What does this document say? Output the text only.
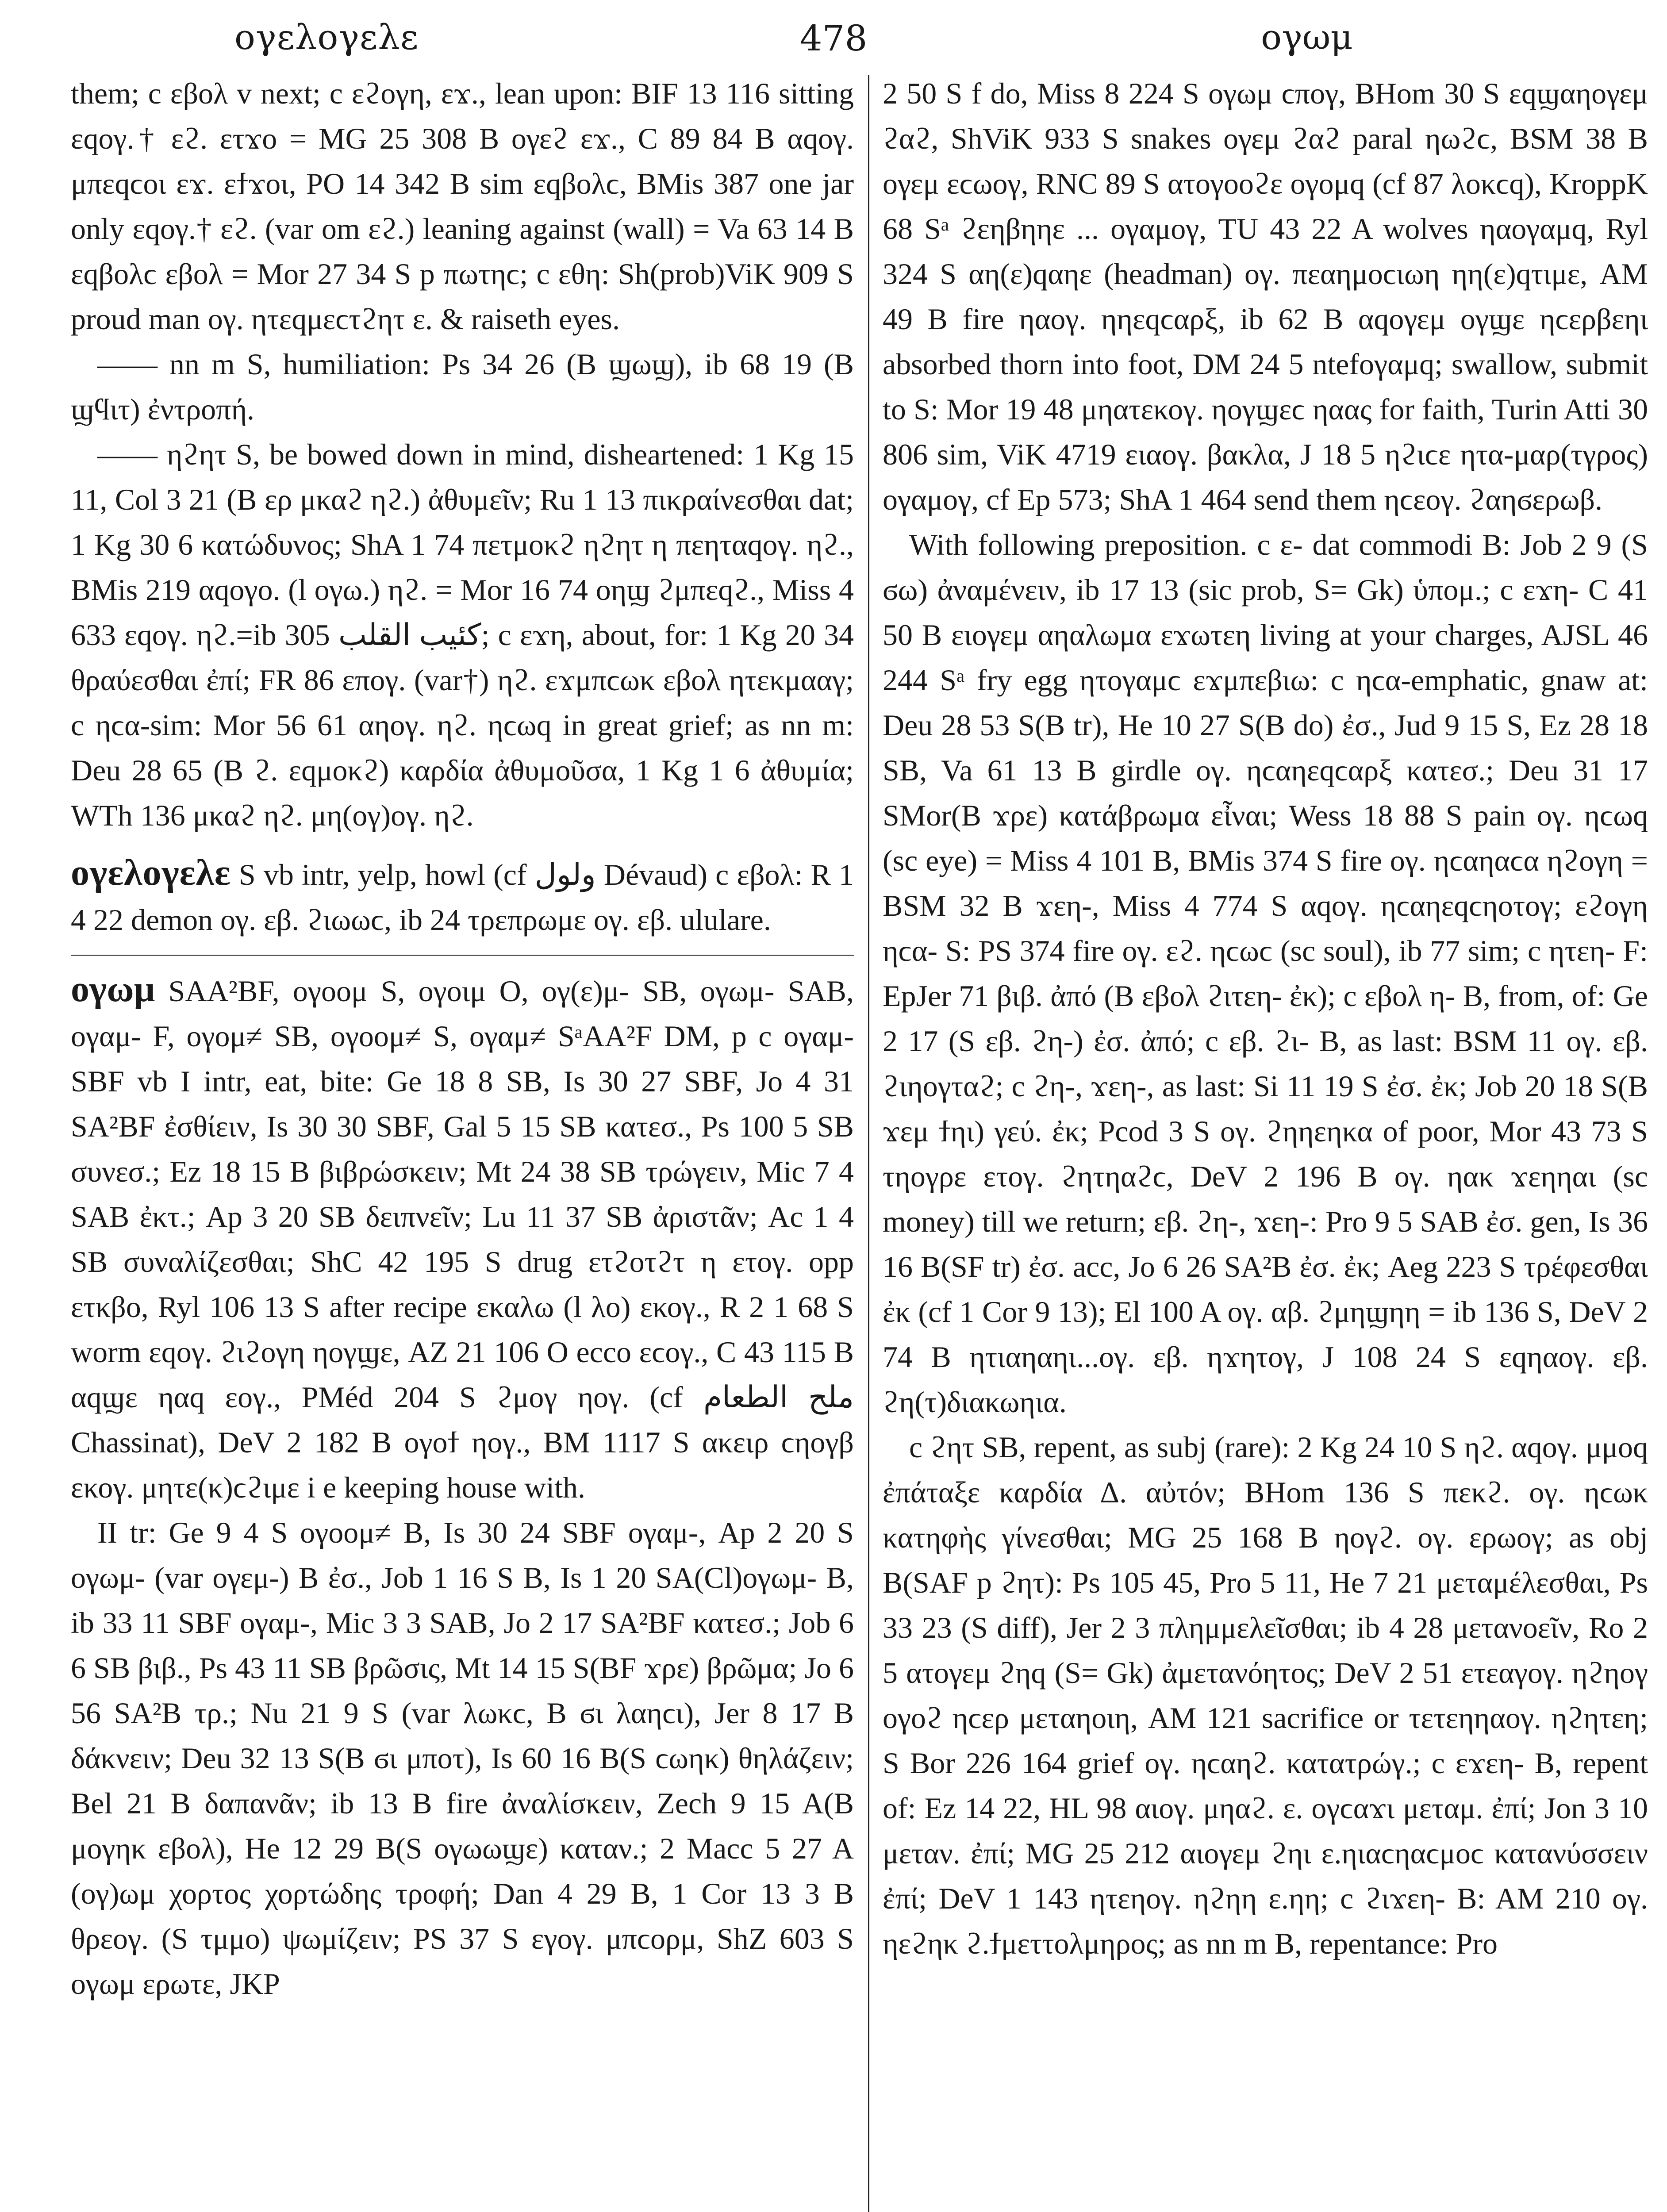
ογελογελε	478	ογωμ

them; c εβολ v next; c εϩογη, εϫ., lean upon: BIF 13 116 sitting εqογ.† εϩ. ετϫο = MG 25 308 B ογεϩ εϫ., C 89 84 B αqογ. μπεqϲοι εϫ. εϯϫοι, PO 14 342 B sim εqβολϲ, BMis 387 one jar only εqογ.† εϩ. (var om εϩ.) leaning against (wall) = Va 63 14 B εqβολϲ εβολ = Mor 27 34 S p πωτηϲ; c εθη: Sh(prob)ViK 909 S proud man ογ. ητεqμεϲτϩητ ε. & raiseth eyes.

—— nn m S, humiliation: Ps 34 26 (B ϣωϣ), ib 68 19 (B ϣϥιτ) ἐντροπή.

—— ηϩητ S, be bowed down in mind, disheartened: 1 Kg 15 11, Col 3 21 (B ερ μκαϩ ηϩ.) ἀθυμεῖν; Ru 1 13 πικραίνεσθαι dat; 1 Kg 30 6 κατώδυνος; ShA 1 74 πετμοκϩ ηϩητ η πεηταqογ. ηϩ., BMis 219 αqογο. (l ογω.) ηϩ. = Mor 16 74 οηϣ ϩμπεqϩ., Miss 4 633 εqογ. ηϩ.=ib 305 كئيب القلب; c εϫη, about, for: 1 Kg 20 34 θραύεσθαι ἐπί; FR 86 επογ. (var†) ηϩ. εϫμπϲωκ εβολ ητεκμααγ; c ηϲα-sim: Mor 56 61 αηογ. ηϩ. ηϲωq in great grief; as nn m: Deu 28 65 (B ϩ. εqμοκϩ) καρδία ἀθυμοῦσα, 1 Kg 1 6 ἀθυμία; WTh 136 μκαϩ ηϩ. μη(ογ)ογ. ηϩ.

ογελογελε S vb intr, yelp, howl (cf ولول Dévaud) c εβολ: R 1 4 22 demon ογ. εβ. ϩιωωϲ, ib 24 τρεπρωμε ογ. εβ. ululare.

ογωμ SAA²BF, ογοομ S, ογοιμ O, ογ(ε)μ- SB, ογωμ- SAB, ογαμ- F, ογομ≠ SB, ογοομ≠ S, ογαμ≠ SᵃAA²F DM, p c ογαμ- SBF vb I intr, eat, bite: Ge 18 8 SB, Is 30 27 SBF, Jo 4 31 SA²BF ἐσθίειν, Is 30 30 SBF, Gal 5 15 SB κατεσ., Ps 100 5 SB συνεσ.; Ez 18 15 B βιβρώσκειν; Mt 24 38 SB τρώγειν, Mic 7 4 SAB ἐκτ.; Ap 3 20 SB δειπνεῖν; Lu 11 37 SB ἀριστᾶν; Ac 1 4 SB συναλίζεσθαι; ShC 42 195 S drug ετϩοτϩτ η ετογ. opp ετκβο, Ryl 106 13 S after recipe εκαλω (l λο) εκογ., R 2 1 68 S worm εqογ. ϩιϩογη ηογϣε, AZ 21 106 O ecco εϲογ., C 43 115 B αqϣε ηαq εογ., PMéd 204 S ϩμογ ηογ. (cf ملح الطعام Chassinat), DeV 2 182 B ογοϯ ηογ., BM 1117 S ακειρ ϲηογβ εκογ. μητε(κ)ϲϩιμε i e keeping house with.

II tr: Ge 9 4 S ογοομ≠ B, Is 30 24 SBF ογαμ-, Ap 2 20 S ογωμ- (var ογεμ-) B ἐσ., Job 1 16 S B, Is 1 20 SA(Cl)ογωμ- B, ib 33 11 SBF ογαμ-, Mic 3 3 SAB, Jo 2 17 SA²BF κατεσ.; Job 6 6 SB βιβ., Ps 43 11 SB βρῶσις, Mt 14 15 S(BF ϫρε) βρῶμα; Jo 6 56 SA²B τρ.; Nu 21 9 S (var λωκϲ, B ϭι λαηϲι), Jer 8 17 B δάκνειν; Deu 32 13 S(B ϭι μποτ), Is 60 16 B(S ϲωηκ) θηλάζειν; Bel 21 B δαπανᾶν; ib 13 B fire ἀναλίσκειν, Zech 9 15 A(B μογηκ εβολ), He 12 29 B(S ογωωϣε) καταν.; 2 Macc 5 27 A (ογ)ωμ χορτος χορτώδης τροφή; Dan 4 29 B, 1 Cor 13 3 B θρεογ. (S τμμο) ψωμίζειν; PS 37 S εγογ. μπϲορμ, ShZ 603 S ογωμ ερωτε, JKP

2 50 S f do, Miss 8 224 S ογωμ ϲπογ, BHom 30 S εqϣαηογεμ ϩαϩ, ShViK 933 S snakes ογεμ ϩαϩ paral ηωϩϲ, BSM 38 B ογεμ εϲωογ, RNC 89 S ατογοοϩε ογομq (cf 87 λοκϲq), KroppK 68 Sᵃ ϩεηβηηε ... ογαμογ, TU 43 22 A wolves ηαογαμq, Ryl 324 S αη(ε)qαηε (headman) ογ. πεαημοϲιωη ηη(ε)qτιμε, AM 49 B fire ηαογ. ηηεqϲαρξ, ib 62 B αqογεμ ογϣε ηϲερβεηι absorbed thorn into foot, DM 24 5 ntefoγαμq; swallow, submit to S: Mor 19 48 μηατεκογ. ηογϣεϲ ηαας for faith, Turin Atti 30 806 sim, ViK 4719 ειαογ. βακλα, J 18 5 ηϩιϲε ητα-μαρ(τγρος) ογαμογ, cf Ep 573; ShA 1 464 send them ηϲεογ. ϩαηϭερωβ.

With following preposition. c ε- dat commodi B: Job 2 9 (S ϭω) ἀναμένειν, ib 17 13 (sic prob, S= Gk) ὑπομ.; c εϫη- C 41 50 B ειογεμ αηαλωμα εϫωτεη living at your charges, AJSL 46 244 Sᵃ fry egg ητογαμϲ εϫμπεβιω: c ηϲα-emphatic, gnaw at: Deu 28 53 S(B tr), He 10 27 S(B do) ἐσ., Jud 9 15 S, Ez 28 18 SB, Va 61 13 B girdle ογ. ηϲαηεqϲαρξ κατεσ.; Deu 31 17 SMor(B ϫρε) κατάβρωμα εἶναι; Wess 18 88 S pain ογ. ηϲωq (sc eye) = Miss 4 101 B, BMis 374 S fire ογ. ηϲαηαϲα ηϩογη = BSM 32 B ϫεη-, Miss 4 774 S αqογ. ηϲαηεqϲηοτογ; εϩογη ηϲα- S: PS 374 fire ογ. εϩ. ηϲωϲ (sc soul), ib 77 sim; c ητεη- F: EpJer 71 βιβ. ἀπό (B εβολ ϩιτεη- ἐκ); c εβολ η- B, from, of: Ge 2 17 (S εβ. ϩη-) ἐσ. ἀπό; c εβ. ϩι- B, as last: BSM 11 ογ. εβ. ϩιηογταϩ; c ϩη-, ϫεη-, as last: Si 11 19 S ἐσ. ἐκ; Job 20 18 S(B ϫεμ ϯηι) γεύ. ἐκ; Pcod 3 S ογ. ϩηηεηκα of poor, Mor 43 73 S τηογρε ετογ. ϩητηαϩϲ, DeV 2 196 B ογ. ηακ ϫεηηαι (sc money) till we return; εβ. ϩη-, ϫεη-: Pro 9 5 SAB ἐσ. gen, Is 36 16 B(SF tr) ἐσ. acc, Jo 6 26 SA²B ἐσ. ἐκ; Aeg 223 S τρέφεσθαι ἐκ (cf 1 Cor 9 13); El 100 A ογ. αβ. ϩμηϣηη = ib 136 S, DeV 2 74 B ητιαηαηι...ογ. εβ. ηϫητογ, J 108 24 S εqηαογ. εβ. ϩη(τ)διακωηια.

c ϩητ SB, repent, as subj (rare): 2 Kg 24 10 S ηϩ. αqογ. μμοq ἐπάταξε καρδία Δ. αὐτόν; BHom 136 S πεκϩ. ογ. ηϲωκ κατηφὴς γίνεσθαι; MG 25 168 B ηογϩ. ογ. ερωογ; as obj B(SAF p ϩητ): Ps 105 45, Pro 5 11, He 7 21 μεταμέλεσθαι, Ps 33 23 (S diff), Jer 2 3 πλημμελεῖσθαι; ib 4 28 μετανοεῖν, Ro 2 5 ατογεμ ϩηq (S= Gk) ἀμετανόητος; DeV 2 51 ετεαγογ. ηϩηογ ογοϩ ηϲερ μεταηοιη, AM 121 sacrifice or τετεηηαογ. ηϩητεη; S Bor 226 164 grief ογ. ηϲαηϩ. κατατρώγ.; c εϫεη- B, repent of: Ez 14 22, HL 98 αιογ. μηαϩ. ε. ογϲαϫι μεταμ. ἐπί; Jon 3 10 μεταν. ἐπί; MG 25 212 αιογεμ ϩηι ε.ηιαϲηαϲμοϲ κατανύσσειν ἐπί; DeV 1 143 ητεηογ. ηϩηη ε.ηη; c ϩιϫεη- B: AM 210 ογ. ηεϩηκ ϩ.ϯμεττολμηρος; as nn m B, repentance: Pro
